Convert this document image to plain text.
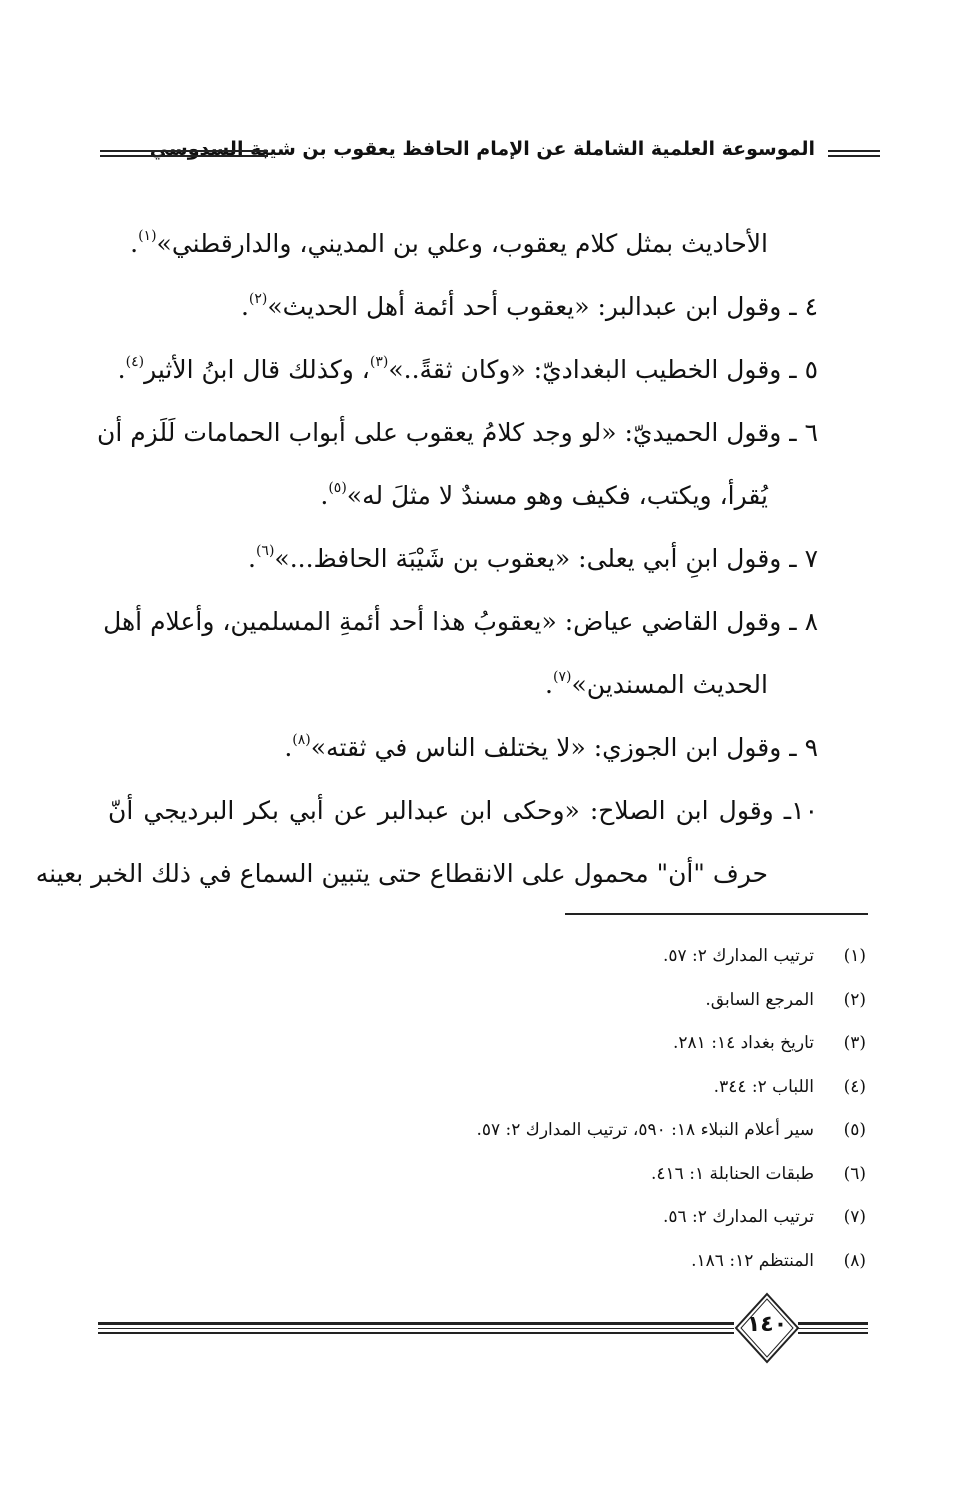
الموسوعة العلمية الشاملة عن الإمام الحافظ يعقوب بن شيبة السدوسي
الأحاديث بمثل كلام يعقوب، وعلي بن المديني، والدارقطني»$^{(١)}$.
٤ ـ وقول ابن عبدالبر: «يعقوب أحد أئمة أهل الحديث»$^{(٢)}$.
٥ ـ وقول الخطيب البغداديّ: «وكان ثقةً..»$^{(٣)}$، وكذلك قال ابنُ الأثير$^{(٤)}$.
٦ ـ وقول الحميديّ: «لو وجد كلامُ يعقوب على أبواب الحمامات لَلَزم أن
يُقرأ، ويكتب، فكيف وهو مسندٌ لا مثلَ له»$^{(٥)}$.
٧ ـ وقول ابنِ أبي يعلى: «يعقوب بن شَيْبَة الحافظ...»$^{(٦)}$.
٨ ـ وقول القاضي عياض: «يعقوبُ هذا أحد أئمةِ المسلمين، وأعلام أهل
الحديث المسندين»$^{(٧)}$.
٩ ـ وقول ابن الجوزي: «لا يختلف الناس في ثقته»$^{(٨)}$.
١٠ـ وقول ابن الصلاح: «وحكى ابن عبدالبر عن أبي بكر البرديجي أنّ
حرف "أن" محمول على الانقطاع حتى يتبين السماع في ذلك الخبر بعينه
(١)ترتيب المدارك ٢: ٥٧.
(٢)المرجع السابق.
(٣)تاريخ بغداد ١٤: ٢٨١.
(٤)اللباب ٢: ٣٤٤.
(٥)سير أعلام النبلاء ١٨: ٥٩٠، ترتيب المدارك ٢: ٥٧.
(٦)طبقات الحنابلة ١: ٤١٦.
(٧)ترتيب المدارك ٢: ٥٦.
(٨)المنتظم ١٢: ١٨٦.
١٤٠
